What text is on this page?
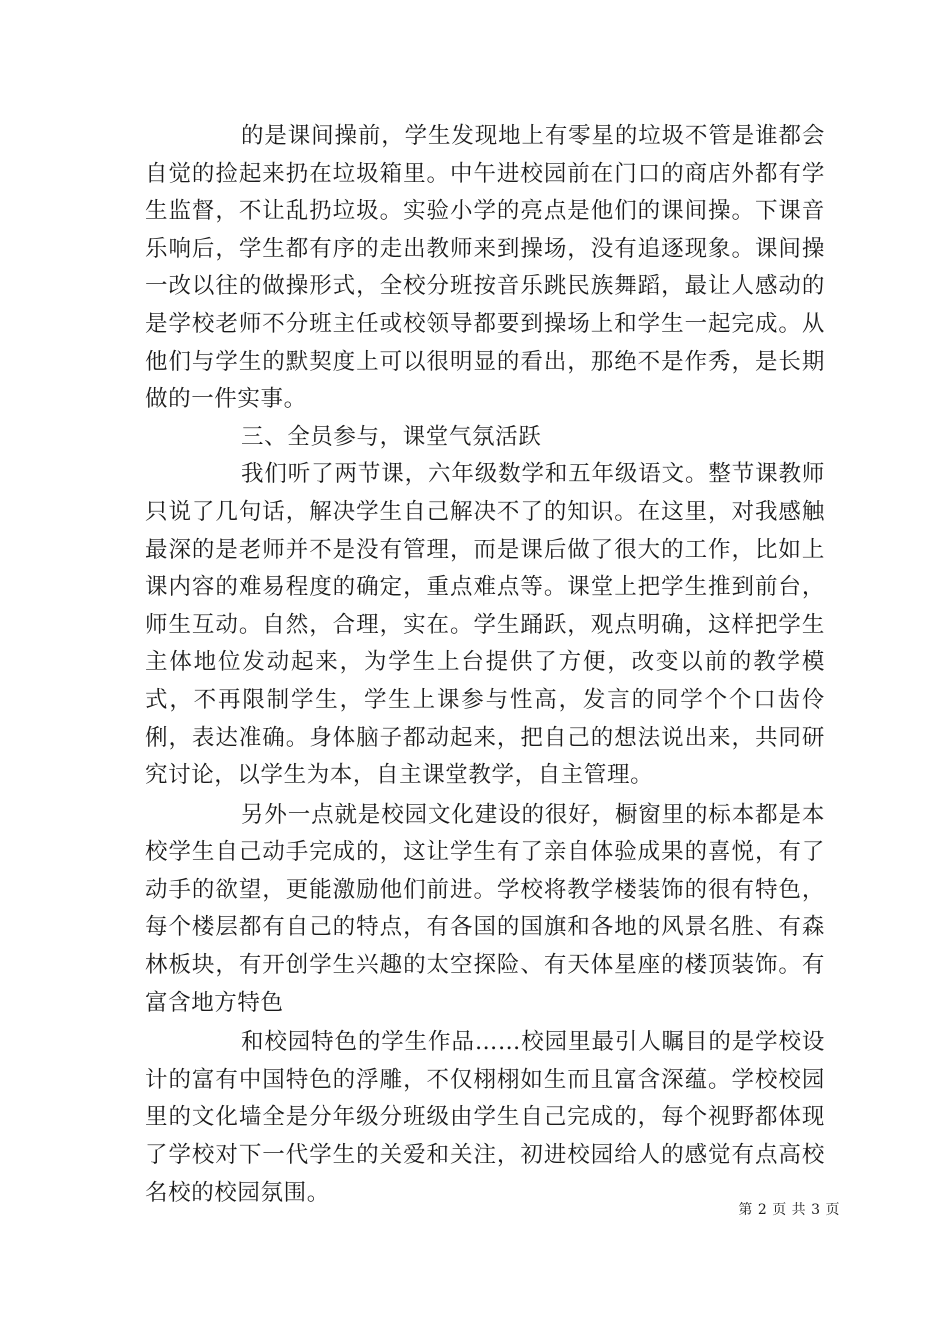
的是课间操前，学生发现地上有零星的垃圾不管是谁都会自觉的捡起来扔在垃圾箱里。中午进校园前在门口的商店外都有学生监督，不让乱扔垃圾。实验小学的亮点是他们的课间操。下课音乐响后，学生都有序的走出教师来到操场，没有追逐现象。课间操一改以往的做操形式，全校分班按音乐跳民族舞蹈，最让人感动的是学校老师不分班主任或校领导都要到操场上和学生一起完成。从他们与学生的默契度上可以很明显的看出，那绝不是作秀，是长期做的一件实事。

三、全员参与，课堂气氛活跃

我们听了两节课，六年级数学和五年级语文。整节课教师只说了几句话，解决学生自己解决不了的知识。在这里，对我感触最深的是老师并不是没有管理，而是课后做了很大的工作，比如上课内容的难易程度的确定，重点难点等。课堂上把学生推到前台，师生互动。自然，合理，实在。学生踊跃，观点明确，这样把学生主体地位发动起来，为学生上台提供了方便，改变以前的教学模式，不再限制学生，学生上课参与性高，发言的同学个个口齿伶俐，表达准确。身体脑子都动起来，把自己的想法说出来，共同研究讨论，以学生为本，自主课堂教学，自主管理。

另外一点就是校园文化建设的很好，橱窗里的标本都是本校学生自己动手完成的，这让学生有了亲自体验成果的喜悦，有了动手的欲望，更能激励他们前进。学校将教学楼装饰的很有特色，每个楼层都有自己的特点，有各国的国旗和各地的风景名胜、有森林板块，有开创学生兴趣的太空探险、有天体星座的楼顶装饰。有富含地方特色

和校园特色的学生作品……校园里最引人瞩目的是学校设计的富有中国特色的浮雕，不仅栩栩如生而且富含深蕴。学校校园里的文化墙全是分年级分班级由学生自己完成的，每个视野都体现了学校对下一代学生的关爱和关注，初进校园给人的感觉有点高校名校的校园氛围。

第 2 页 共 3 页
